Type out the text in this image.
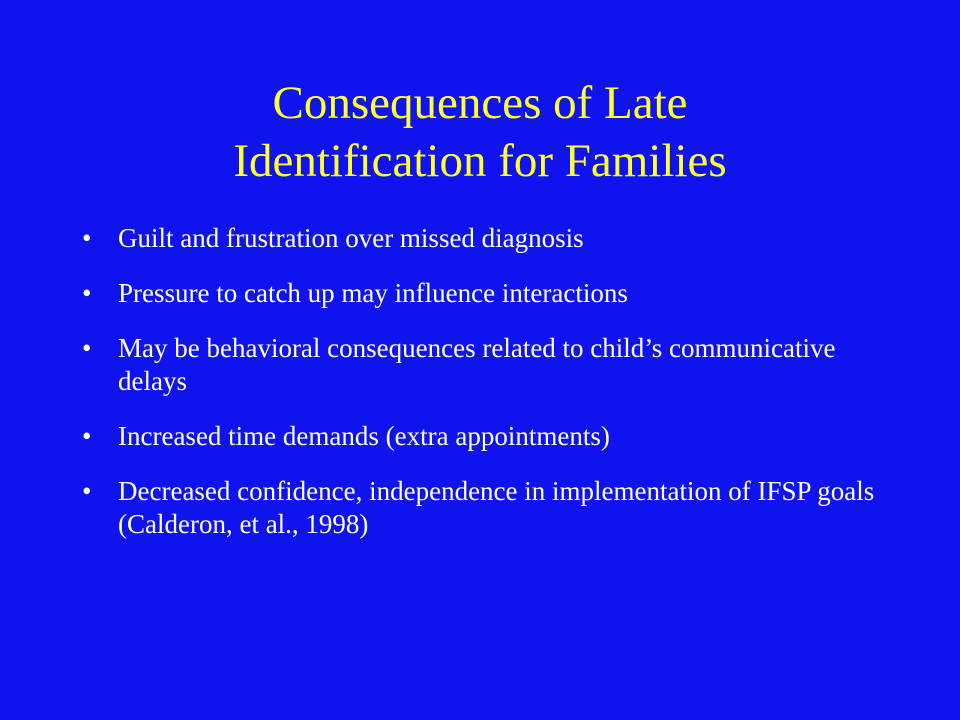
Consequences of Late
Identification for Families
• Guilt and frustration over missed diagnosis
• Pressure to catch up may influence interactions
• May be behavioral consequences related to child’s communicative delays
• Increased time demands (extra appointments)
• Decreased confidence, independence in implementation of IFSP goals (Calderon, et al., 1998)
